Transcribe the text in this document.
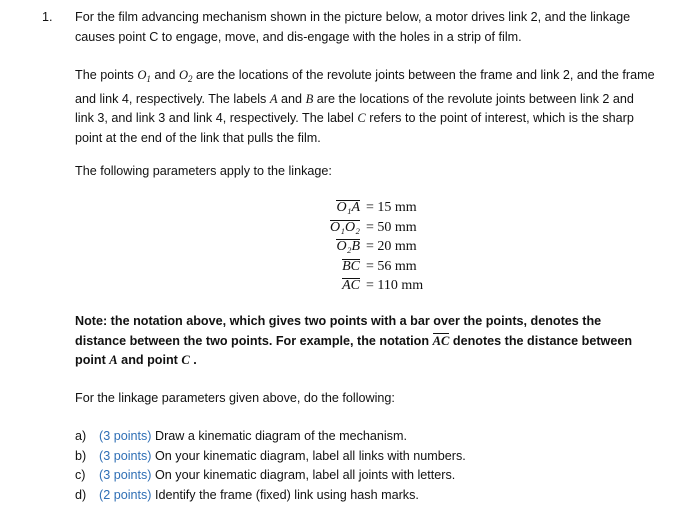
1. For the film advancing mechanism shown in the picture below, a motor drives link 2, and the linkage causes point C to engage, move, and dis-engage with the holes in a strip of film.

The points $O_1$ and $O_2$ are the locations of the revolute joints between the frame and link 2, and the frame and link 4, respectively. The labels A and B are the locations of the revolute joints between link 2 and link 3, and link 3 and link 4, respectively. The label C refers to the point of interest, which is the sharp point at the end of the link that pulls the film.

The following parameters apply to the linkage:

O₁A = 15 mm
O₁O₂ = 50 mm
O₂B = 20 mm
BC = 56 mm
AC = 110 mm

Note: the notation above, which gives two points with a bar over the points, denotes the distance between the two points. For example, the notation AC denotes the distance between point A and point C .

For the linkage parameters given above, do the following:

a) (3 points) Draw a kinematic diagram of the mechanism.
b) (3 points) On your kinematic diagram, label all links with numbers.
c) (3 points) On your kinematic diagram, label all joints with letters.
d) (2 points) Identify the frame (fixed) link using hash marks.
